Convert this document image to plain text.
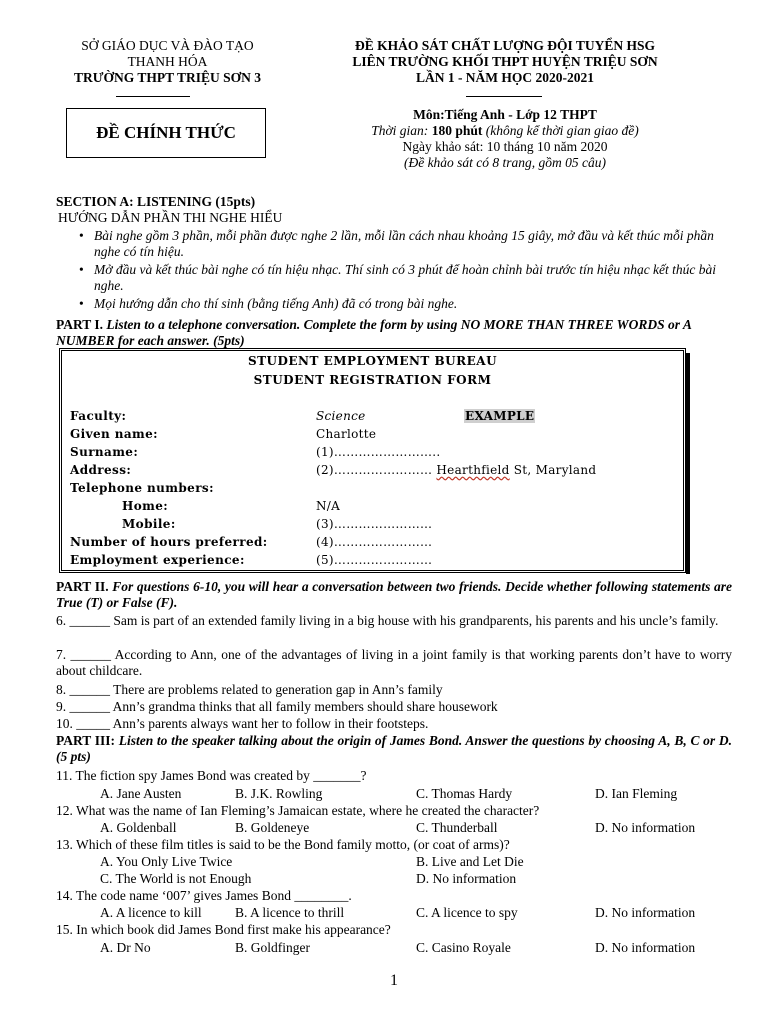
SỞ GIÁO DỤC VÀ ĐÀO TẠO
THANH HÓA
TRƯỜNG THPT TRIỆU SƠN 3
ĐỀ CHÍNH THỨC
ĐỀ KHẢO SÁT CHẤT LƯỢNG ĐỘI TUYỂN HSG
LIÊN TRƯỜNG KHỐI THPT HUYỆN TRIỆU SƠN
LẦN 1 - NĂM HỌC 2020-2021
Môn:Tiếng Anh - Lớp 12 THPT
Thời gian: 180 phút (không kể thời gian giao đề)
Ngày khảo sát: 10 tháng 10 năm 2020
(Đề khảo sát có 8 trang, gồm 05 câu)
SECTION A: LISTENING (15pts)
HƯỚNG DẪN PHẦN THI NGHE HIỂU
• Bài nghe gồm 3 phần, mỗi phần được nghe 2 lần, mỗi lần cách nhau khoảng 15 giây, mở đầu và kết thúc mỗi phần nghe có tín hiệu.
• Mở đầu và kết thúc bài nghe có tín hiệu nhạc. Thí sinh có 3 phút để hoàn chỉnh bài trước tín hiệu nhạc kết thúc bài nghe.
• Mọi hướng dẫn cho thí sinh (bằng tiếng Anh) đã có trong bài nghe.
PART I. Listen to a telephone conversation. Complete the form by using NO MORE THAN THREE WORDS or A NUMBER for each answer. (5pts)
STUDENT EMPLOYMENT BUREAU
STUDENT REGISTRATION FORM
Faculty:	Science	EXAMPLE
Given name:	Charlotte
Surname:	(1)……………………..
Address:	(2)…………………… Hearthfield St, Maryland
Telephone numbers:
Home:	N/A
Mobile:	(3)……………………
Number of hours preferred:	(4)……………………
Employment experience:	(5)……………………
PART II. For questions 6-10, you will hear a conversation between two friends. Decide whether following statements are True (T) or False (F).
6. ______ Sam is part of an extended family living in a big house with his grandparents, his parents and his uncle’s family.
7. ______ According to Ann, one of the advantages of living in a joint family is that working parents don’t have to worry about childcare.
8. ______ There are problems related to generation gap in Ann’s family
9. ______ Ann’s grandma thinks that all family members should share housework
10. _____ Ann’s parents always want her to follow in their footsteps.
PART III: Listen to the speaker talking about the origin of James Bond. Answer the questions by choosing A, B, C or D. (5 pts)
11. The fiction spy James Bond was created by _______?
A. Jane Austen	B. J.K. Rowling	C. Thomas Hardy	D. Ian Fleming
12. What was the name of Ian Fleming’s Jamaican estate, where he created the character?
A. Goldenball	B. Goldeneye	C. Thunderball	D. No information
13. Which of these film titles is said to be the Bond family motto, (or coat of arms)?
A. You Only Live Twice	B. Live and Let Die
C. The World is not Enough	D. No information
14. The code name ‘007’ gives James Bond ________.
A. A licence to kill B. A licence to thrill	C. A licence to spy	D. No information
15. In which book did James Bond first make his appearance?
A. Dr No	B. Goldfinger	C. Casino Royale	D. No information
1
